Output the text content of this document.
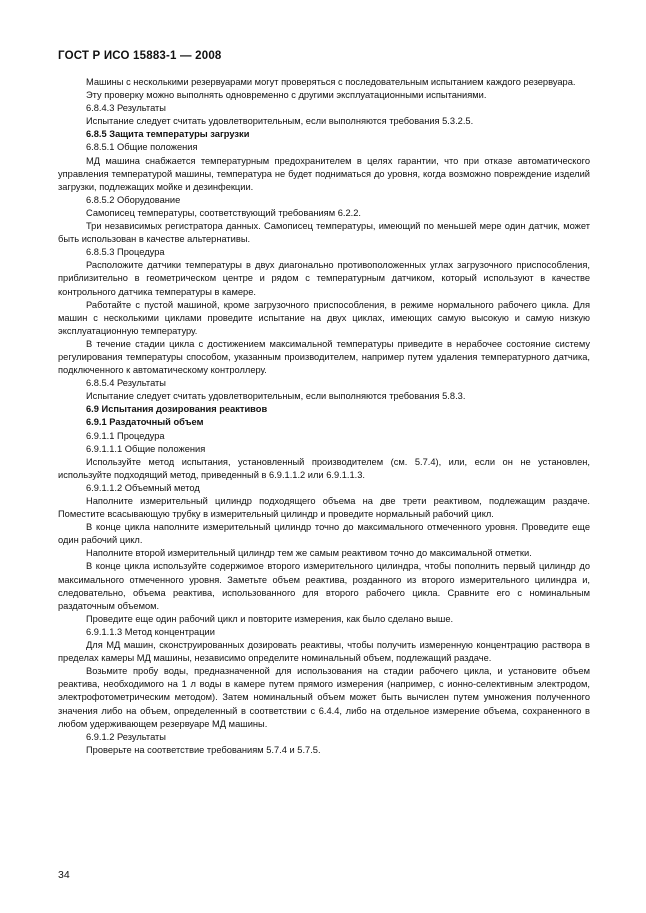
ГОСТ Р ИСО 15883-1 — 2008

Машины с несколькими резервуарами могут проверяться с последовательным испытанием каждого резервуара.

Эту проверку можно выполнять одновременно с другими эксплуатационными испытаниями.

6.8.4.3 Результаты

Испытание следует считать удовлетворительным, если выполняются требования 5.3.2.5.

6.8.5 Защита температуры загрузки

6.8.5.1 Общие положения

МД машина снабжается температурным предохранителем в целях гарантии, что при отказе автоматического управления температурой машины, температура не будет подниматься до уровня, когда возможно повреждение изделий загрузки, подлежащих мойке и дезинфекции.

6.8.5.2 Оборудование

Самописец температуры, соответствующий требованиям 6.2.2.

Три независимых регистратора данных. Самописец температуры, имеющий по меньшей мере один датчик, может быть использован в качестве альтернативы.

6.8.5.3 Процедура

Расположите датчики температуры в двух диагонально противоположенных углах загрузочного приспособления, приблизительно в геометрическом центре и рядом с температурным датчиком, который используют в качестве контрольного датчика температуры в камере.

Работайте с пустой машиной, кроме загрузочного приспособления, в режиме нормального рабочего цикла. Для машин с несколькими циклами проведите испытание на двух циклах, имеющих самую высокую и самую низкую эксплуатационную температуру.

В течение стадии цикла с достижением максимальной температуры приведите в нерабочее состояние систему регулирования температуры способом, указанным производителем, например путем удаления температурного датчика, подключенного к автоматическому контроллеру.

6.8.5.4 Результаты

Испытание следует считать удовлетворительным, если выполняются требования 5.8.3.

6.9 Испытания дозирования реактивов

6.9.1 Раздаточный объем

6.9.1.1 Процедура

6.9.1.1.1 Общие положения

Используйте метод испытания, установленный производителем (см. 5.7.4), или, если он не установлен, используйте подходящий метод, приведенный в 6.9.1.1.2 или 6.9.1.1.3.

6.9.1.1.2 Объемный метод

Наполните измерительный цилиндр подходящего объема на две трети реактивом, подлежащим раздаче. Поместите всасывающую трубку в измерительный цилиндр и проведите нормальный рабочий цикл.

В конце цикла наполните измерительный цилиндр точно до максимального отмеченного уровня. Проведите еще один рабочий цикл.

Наполните второй измерительный цилиндр тем же самым реактивом точно до максимальной отметки.

В конце цикла используйте содержимое второго измерительного цилиндра, чтобы пополнить первый цилиндр до максимального отмеченного уровня. Заметьте объем реактива, розданного из второго измерительного цилиндра и, следовательно, объема реактива, использованного для второго рабочего цикла. Сравните его с номинальным раздаточным объемом.

Проведите еще один рабочий цикл и повторите измерения, как было сделано выше.

6.9.1.1.3 Метод концентрации

Для МД машин, сконструированных дозировать реактивы, чтобы получить измеренную концентрацию раствора в пределах камеры МД машины, независимо определите номинальный объем, подлежащий раздаче.

Возьмите пробу воды, предназначенной для использования на стадии рабочего цикла, и установите объем реактива, необходимого на 1 л воды в камере путем прямого измерения (например, с ионно-селективным электродом, электрофотометрическим методом). Затем номинальный объем может быть вычислен путем умножения полученного значения либо на объем, определенный в соответствии с 6.4.4, либо на отдельное измерение объема, сохраненного в любом удерживающем резервуаре МД машины.

6.9.1.2 Результаты

Проверьте на соответствие требованиям 5.7.4 и 5.7.5.

34
